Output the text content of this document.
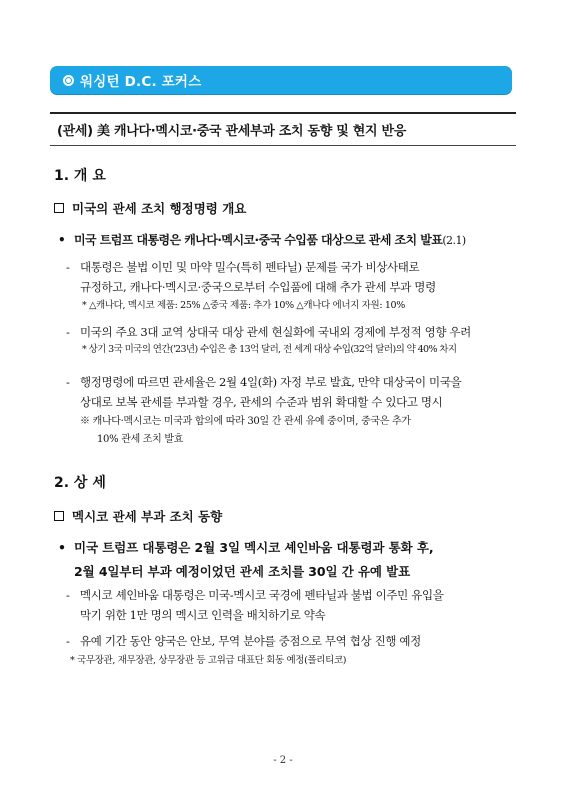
워싱턴 D.C. 포커스
(관세) 美 캐나다·멕시코·중국 관세부과 조치 동향 및 현지 반응
1. 개 요
미국의 관세 조치 행정명령 개요
• 미국 트럼프 대통령은 캐나다·멕시코·중국 수입품 대상으로 관세 조치 발표(2.1)
- 대통령은 불법 이민 및 마약 밀수(특히 펜타닐) 문제를 국가 비상사태로
규정하고, 캐나다·멕시코·중국으로부터 수입품에 대해 추가 관세 부과 명령
* △캐나다, 멕시코 제품: 25% △중국 제품: 추가 10% △캐나다 에너지 자원: 10%
- 미국의 주요 3대 교역 상대국 대상 관세 현실화에 국내외 경제에 부정적 영향 우려
* 상기 3국 미국의 연간('23년) 수입은 총 13억 달러, 전 세계 대상 수입(32억 달러)의 약 40% 차지
- 행정명령에 따르면 관세율은 2월 4일(화) 자정 부로 발효, 만약 대상국이 미국을
상대로 보복 관세를 부과할 경우, 관세의 수준과 범위 확대할 수 있다고 명시
※ 캐나다·멕시코는 미국과 합의에 따라 30일 간 관세 유예 중이며, 중국은 추가
10% 관세 조치 발효
2. 상 세
멕시코 관세 부과 조치 동향
• 미국 트럼프 대통령은 2월 3일 멕시코 셰인바움 대통령과 통화 후,
2월 4일부터 부과 예정이었던 관세 조치를 30일 간 유예 발표
- 멕시코 셰인바움 대통령은 미국-멕시코 국경에 펜타닐과 불법 이주민 유입을
막기 위한 1만 명의 멕시코 인력을 배치하기로 약속
- 유예 기간 동안 양국은 안보, 무역 분야를 중점으로 무역 협상 진행 예정
* 국무장관, 재무장관, 상무장관 등 고위급 대표단 회동 예정(폴리티코)
- 2 -
